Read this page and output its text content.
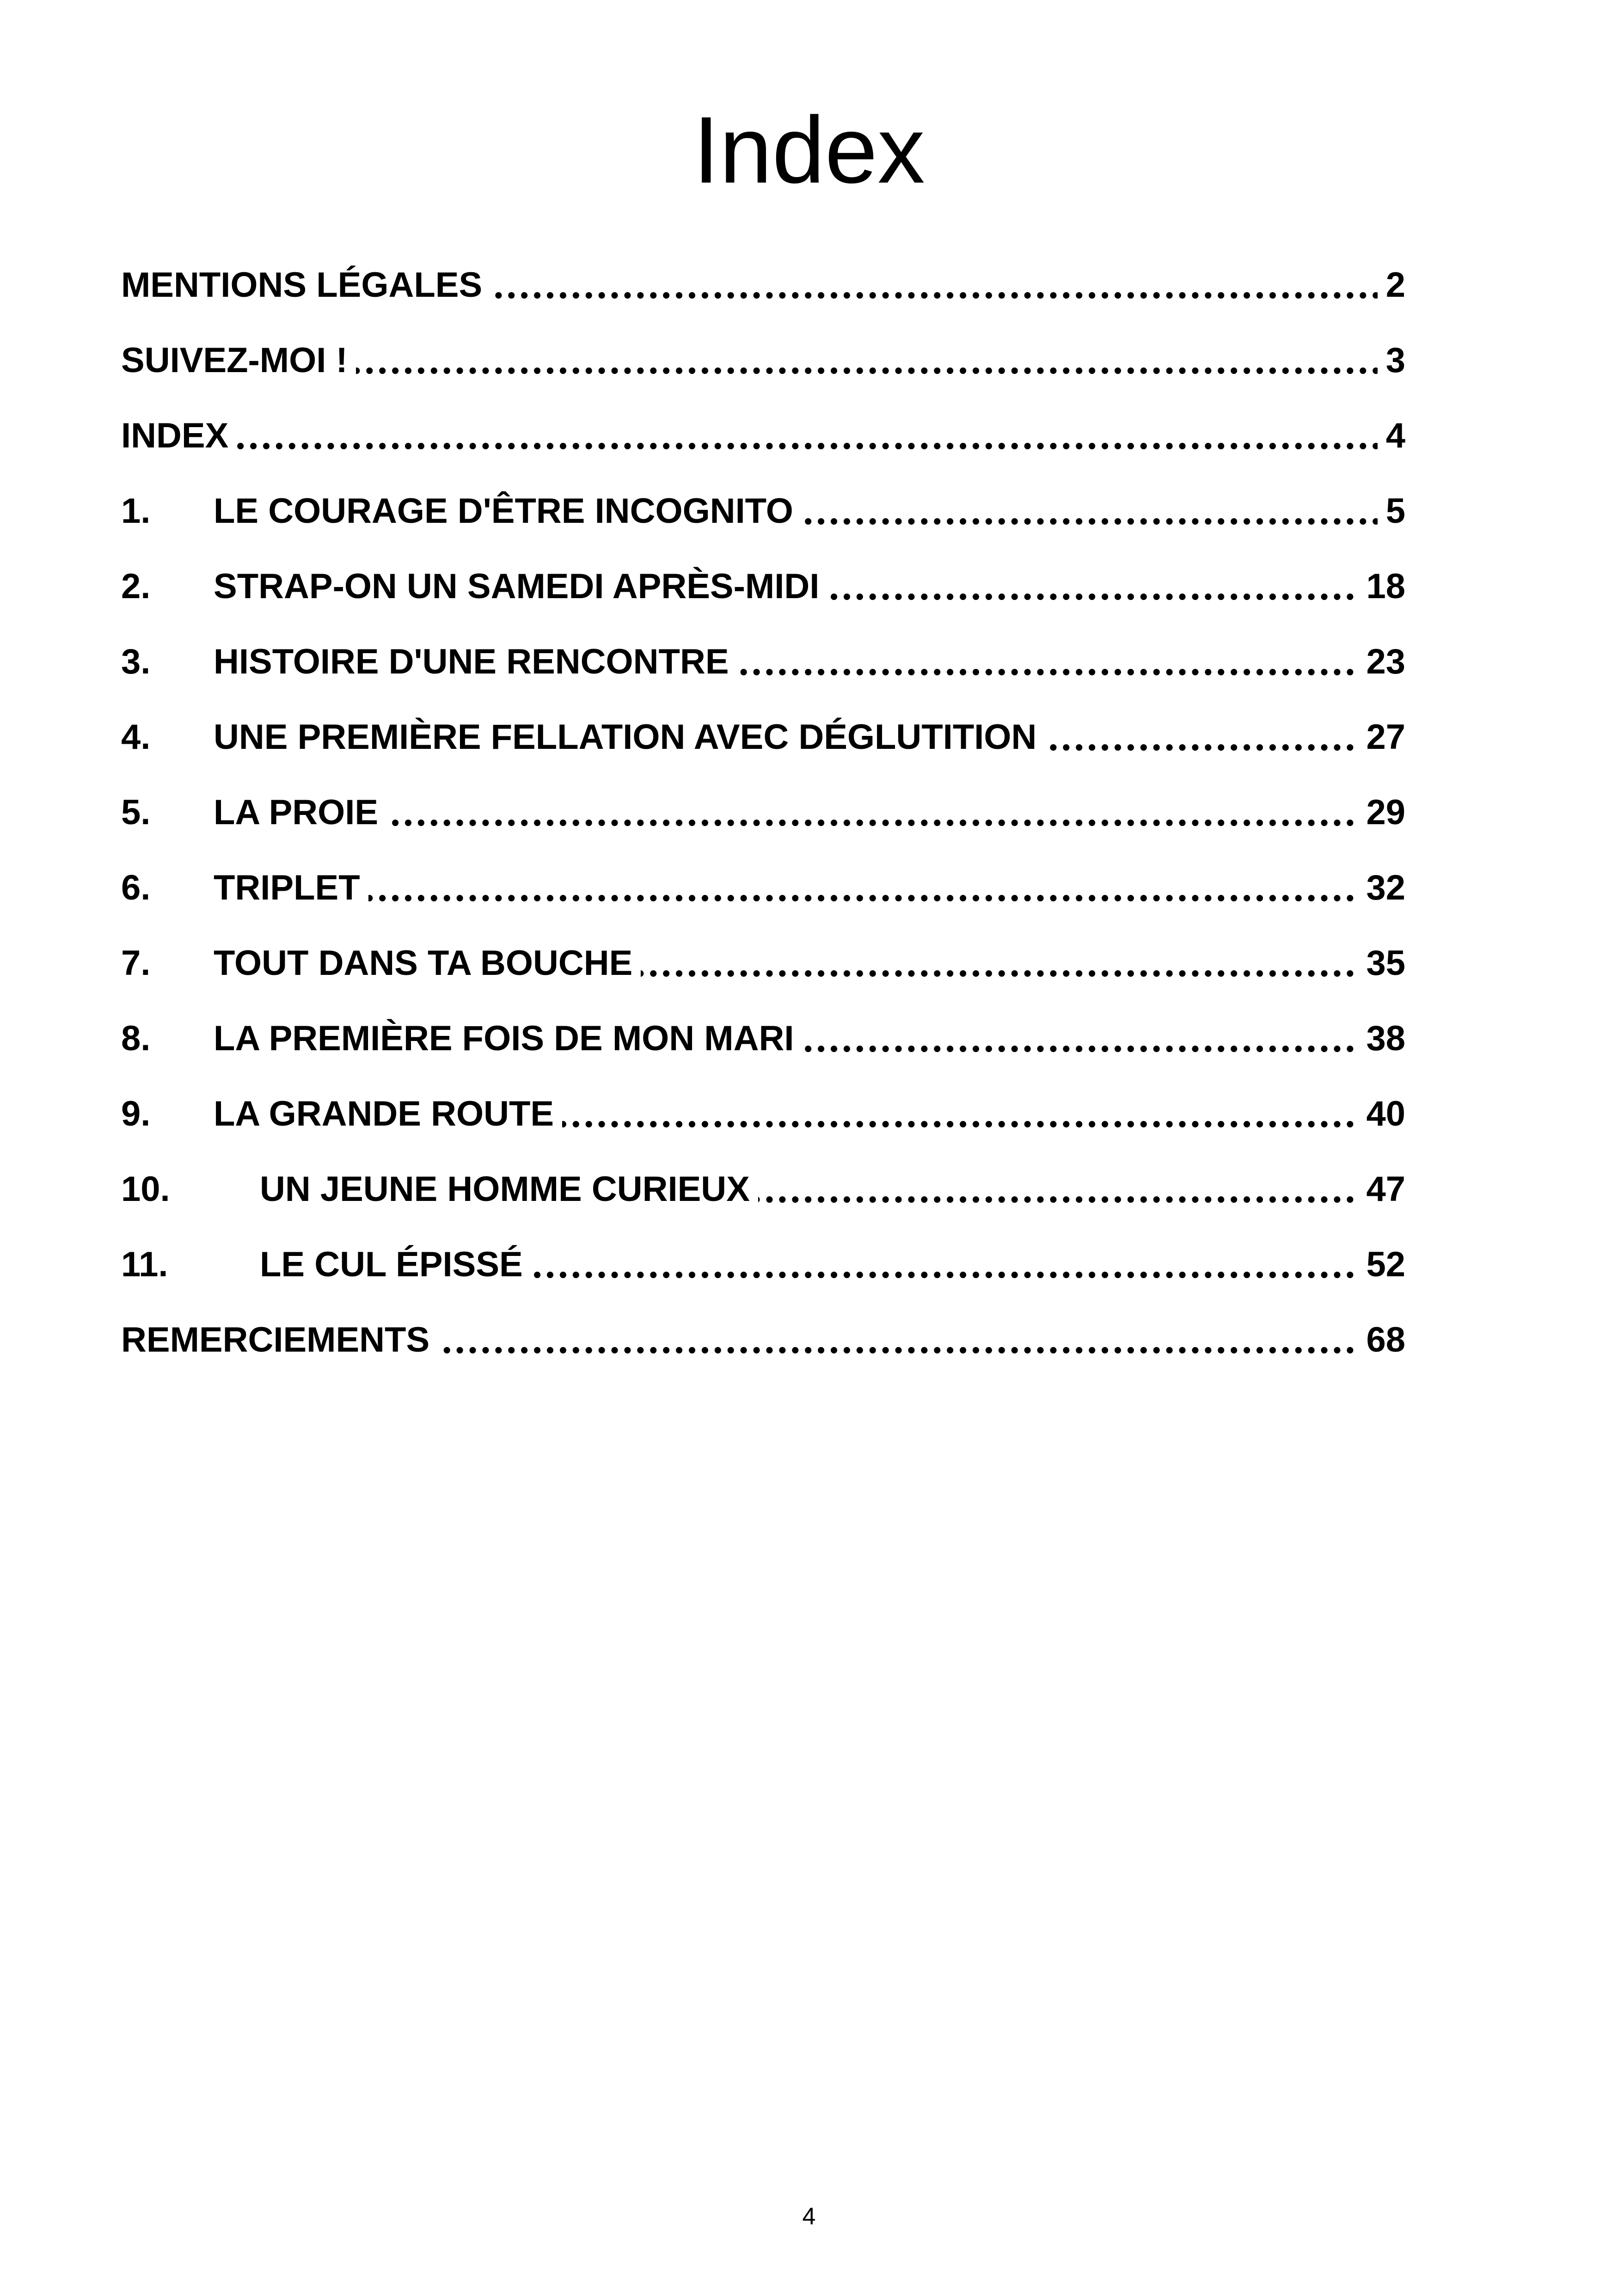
Index
MENTIONS LÉGALES	2
SUIVEZ-MOI !	3
INDEX	4
1. LE COURAGE D'ÊTRE INCOGNITO	5
2. STRAP-ON UN SAMEDI APRÈS-MIDI	18
3. HISTOIRE D'UNE RENCONTRE	23
4. UNE PREMIÈRE FELLATION AVEC DÉGLUTITION	27
5. LA PROIE	29
6. TRIPLET	32
7. TOUT DANS TA BOUCHE	35
8. LA PREMIÈRE FOIS DE MON MARI	38
9. LA GRANDE ROUTE	40
10.	UN JEUNE HOMME CURIEUX	47
11.	LE CUL ÉPISSÉ	52
REMERCIEMENTS	68
4
